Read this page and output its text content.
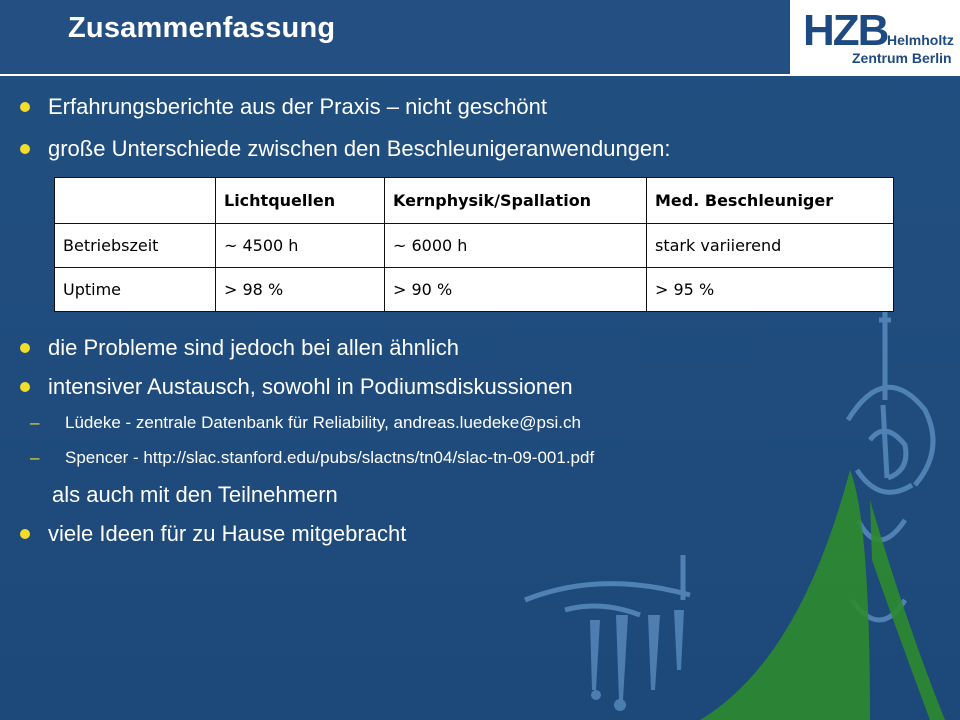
HZB Helmholtz
Zentrum Berlin
Zusammenfassung
Erfahrungsberichte aus der Praxis – nicht geschönt
große Unterschiede zwischen den Beschleunigeranwendungen:
	Lichtquellen	Kernphysik/Spallation	Med. Beschleuniger
Betriebszeit	~ 4500 h	~ 6000 h	stark variierend
Uptime	> 98 %	> 90 %	> 95 %
die Probleme sind jedoch bei allen ähnlich
intensiver Austausch, sowohl in Podiumsdiskussionen
– Lüdeke - zentrale Datenbank für Reliability, andreas.luedeke@psi.ch
– Spencer - http://slac.stanford.edu/pubs/slactns/tn04/slac-tn-09-001.pdf
als auch mit den Teilnehmern
viele Ideen für zu Hause mitgebracht
